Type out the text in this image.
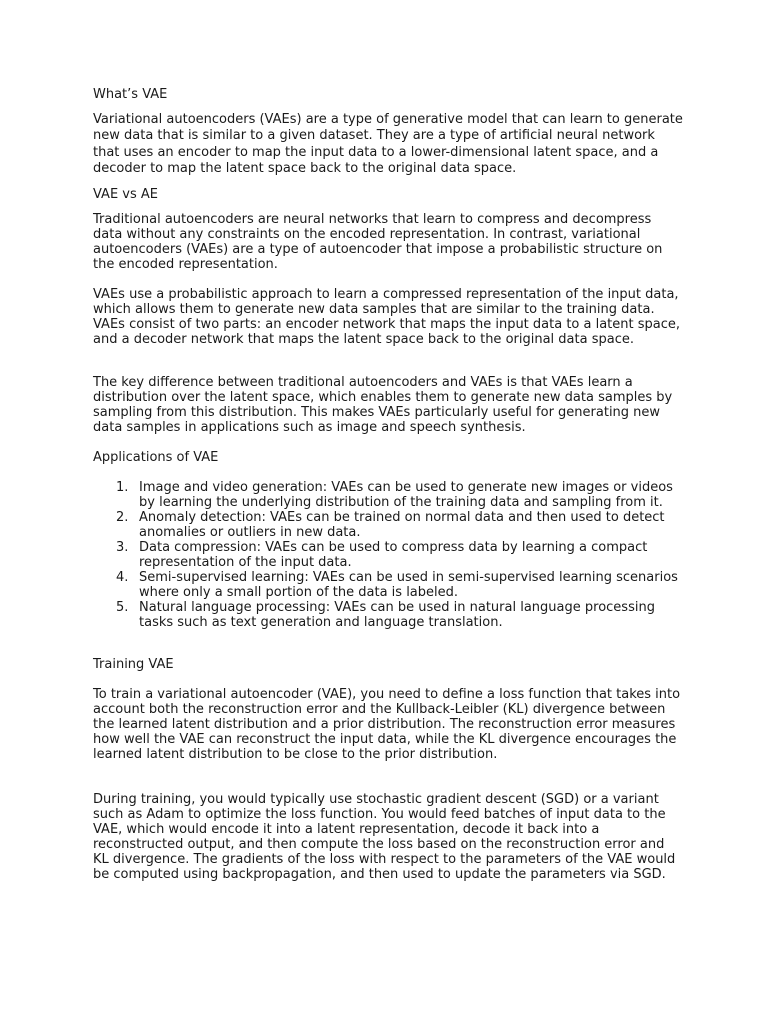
What’s VAE

Variational autoencoders (VAEs) are a type of generative model that can learn to generate new data that is similar to a given dataset. They are a type of artificial neural network that uses an encoder to map the input data to a lower-dimensional latent space, and a decoder to map the latent space back to the original data space.

VAE vs AE

Traditional autoencoders are neural networks that learn to compress and decompress data without any constraints on the encoded representation. In contrast, variational autoencoders (VAEs) are a type of autoencoder that impose a probabilistic structure on the encoded representation.

VAEs use a probabilistic approach to learn a compressed representation of the input data, which allows them to generate new data samples that are similar to the training data. VAEs consist of two parts: an encoder network that maps the input data to a latent space, and a decoder network that maps the latent space back to the original data space.

The key difference between traditional autoencoders and VAEs is that VAEs learn a distribution over the latent space, which enables them to generate new data samples by sampling from this distribution. This makes VAEs particularly useful for generating new data samples in applications such as image and speech synthesis.

Applications of VAE

1. Image and video generation: VAEs can be used to generate new images or videos by learning the underlying distribution of the training data and sampling from it.
2. Anomaly detection: VAEs can be trained on normal data and then used to detect anomalies or outliers in new data.
3. Data compression: VAEs can be used to compress data by learning a compact representation of the input data.
4. Semi-supervised learning: VAEs can be used in semi-supervised learning scenarios where only a small portion of the data is labeled.
5. Natural language processing: VAEs can be used in natural language processing tasks such as text generation and language translation.

Training VAE

To train a variational autoencoder (VAE), you need to define a loss function that takes into account both the reconstruction error and the Kullback-Leibler (KL) divergence between the learned latent distribution and a prior distribution. The reconstruction error measures how well the VAE can reconstruct the input data, while the KL divergence encourages the learned latent distribution to be close to the prior distribution.

During training, you would typically use stochastic gradient descent (SGD) or a variant such as Adam to optimize the loss function. You would feed batches of input data to the VAE, which would encode it into a latent representation, decode it back into a reconstructed output, and then compute the loss based on the reconstruction error and KL divergence. The gradients of the loss with respect to the parameters of the VAE would be computed using backpropagation, and then used to update the parameters via SGD.
